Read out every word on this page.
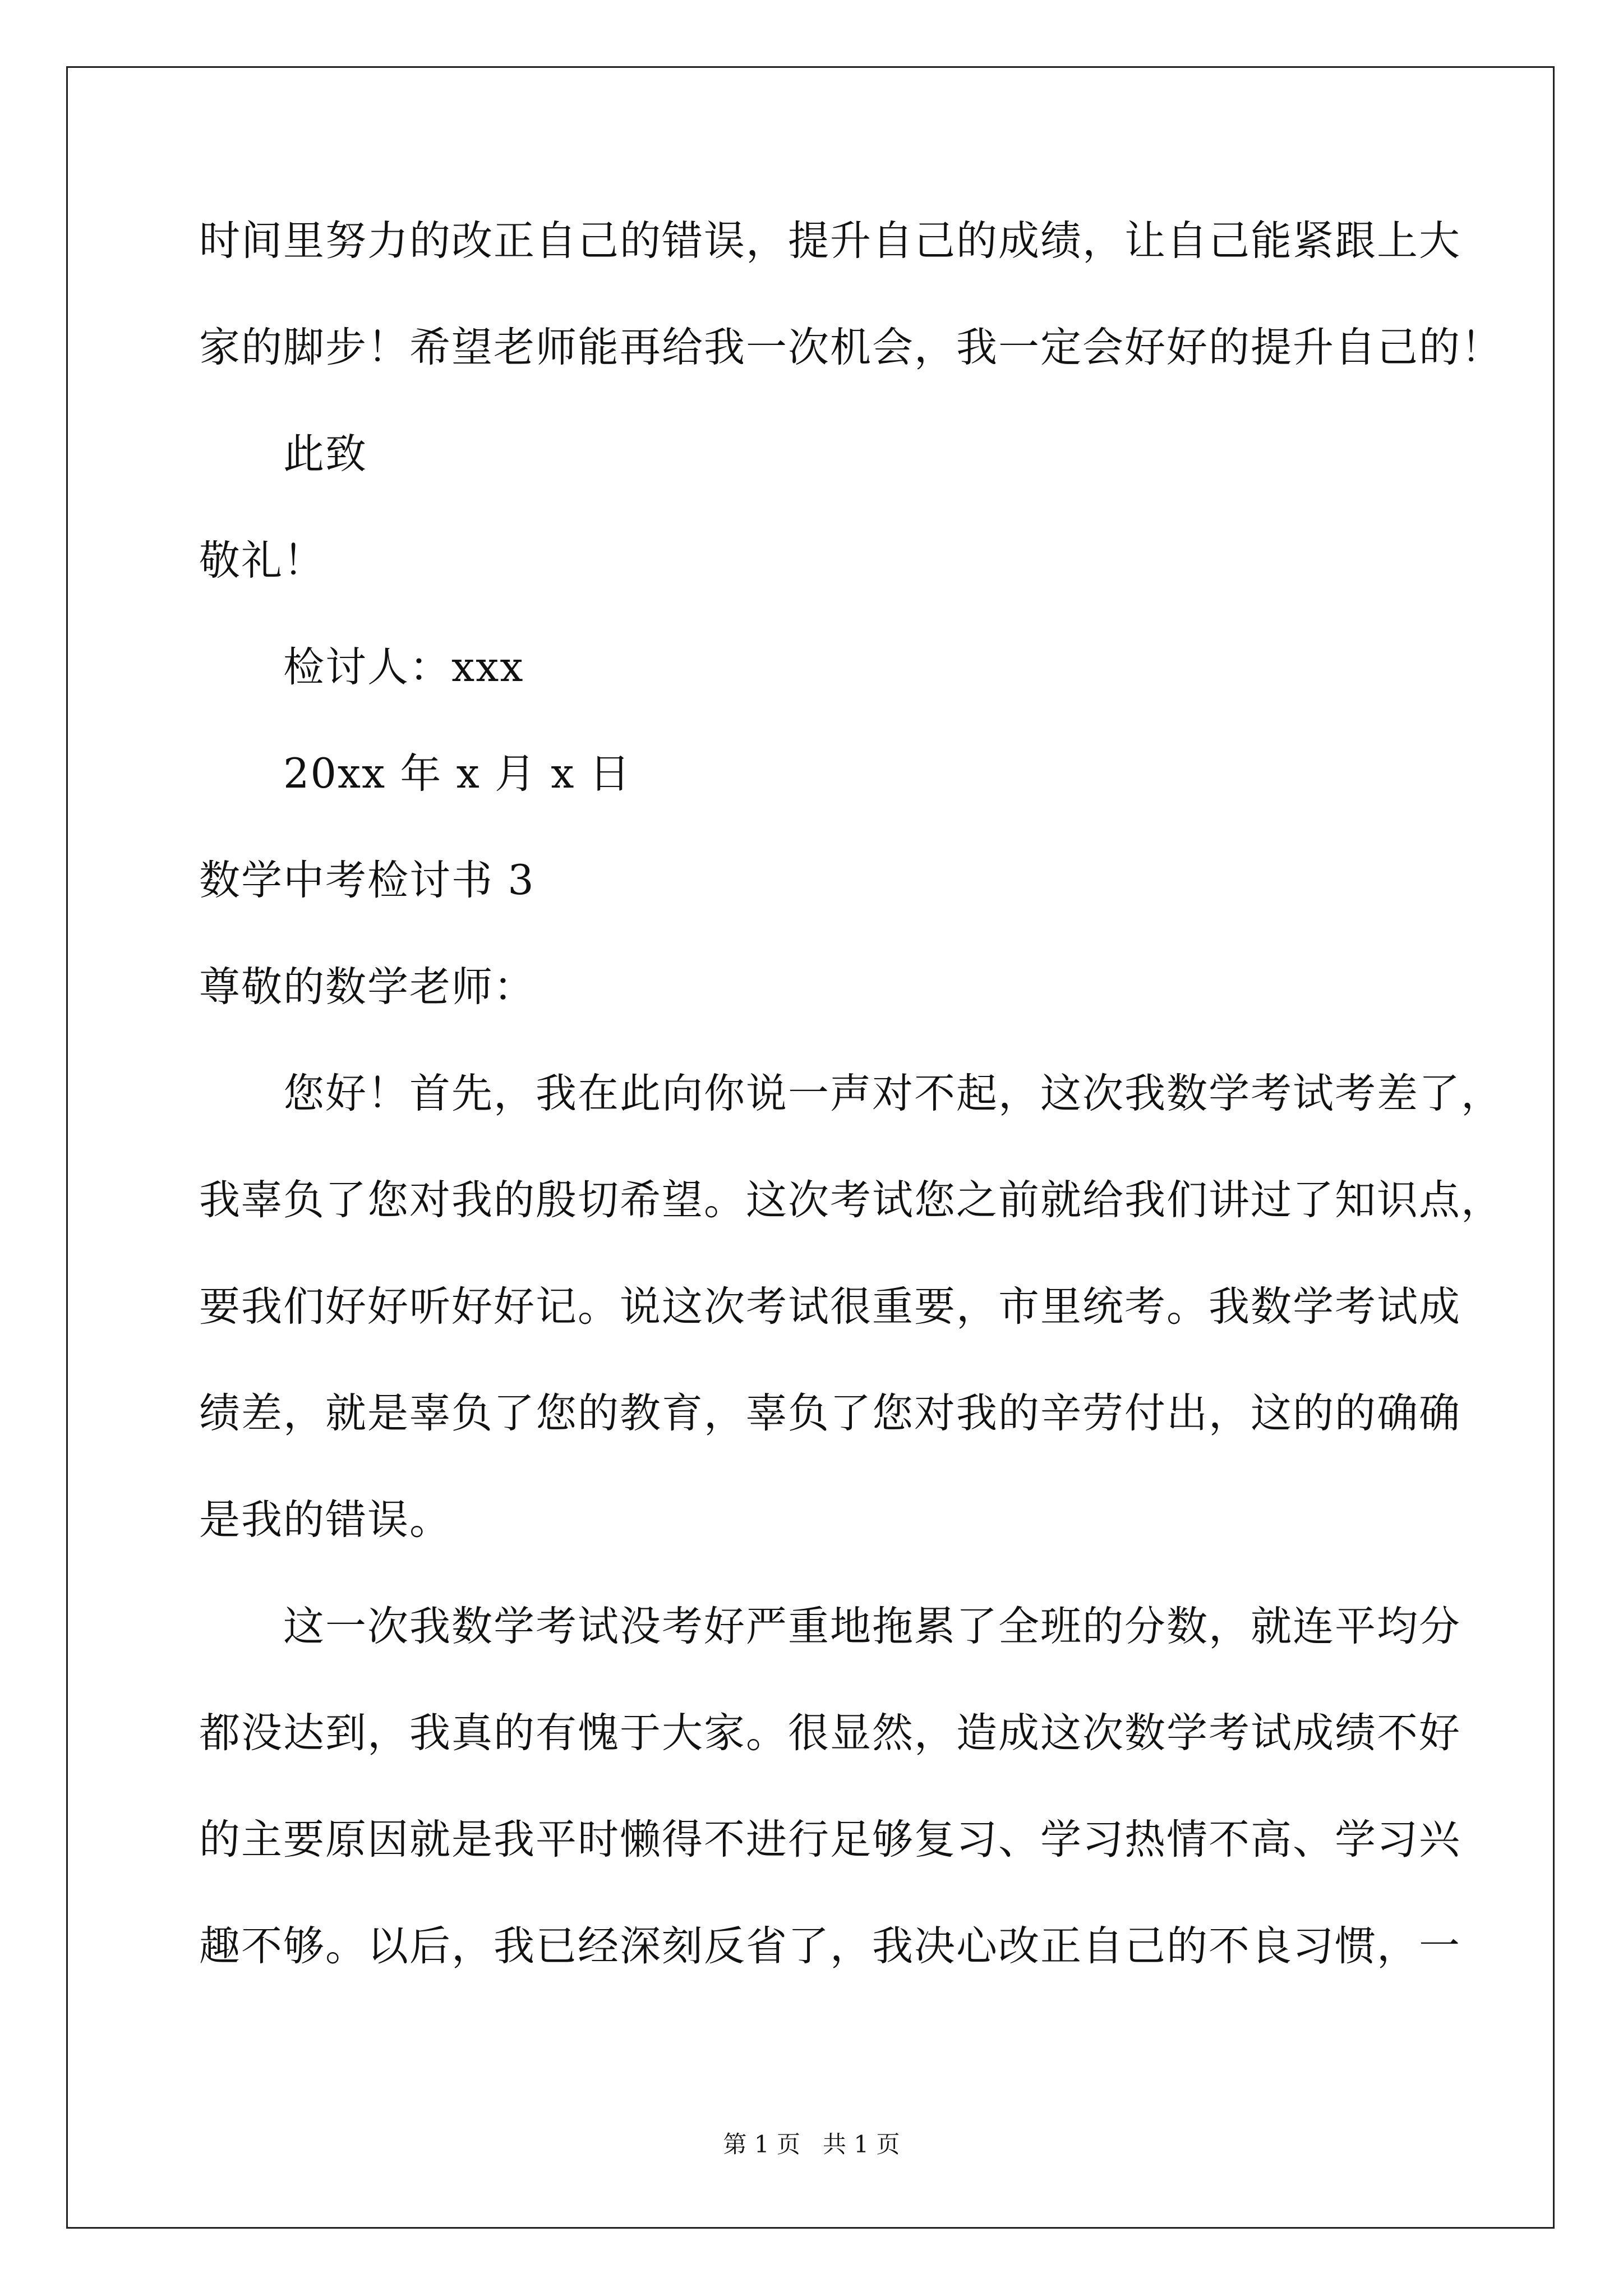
时间里努力的改正自己的错误，提升自己的成绩，让自己能紧跟上大
家的脚步！希望老师能再给我一次机会，我一定会好好的提升自己的！
此致
敬礼！
检讨人：xxx
20xx 年 x 月 x 日
数学中考检讨书 3
尊敬的数学老师：
您好！首先，我在此向你说一声对不起，这次我数学考试考差了，
我辜负了您对我的殷切希望。这次考试您之前就给我们讲过了知识点，
要我们好好听好好记。说这次考试很重要，市里统考。我数学考试成
绩差，就是辜负了您的教育，辜负了您对我的辛劳付出，这的的确确
是我的错误。
这一次我数学考试没考好严重地拖累了全班的分数，就连平均分
都没达到，我真的有愧于大家。很显然，造成这次数学考试成绩不好
的主要原因就是我平时懒得不进行足够复习、学习热情不高、学习兴
趣不够。以后，我已经深刻反省了，我决心改正自己的不良习惯，一
第 1 页   共 1 页
